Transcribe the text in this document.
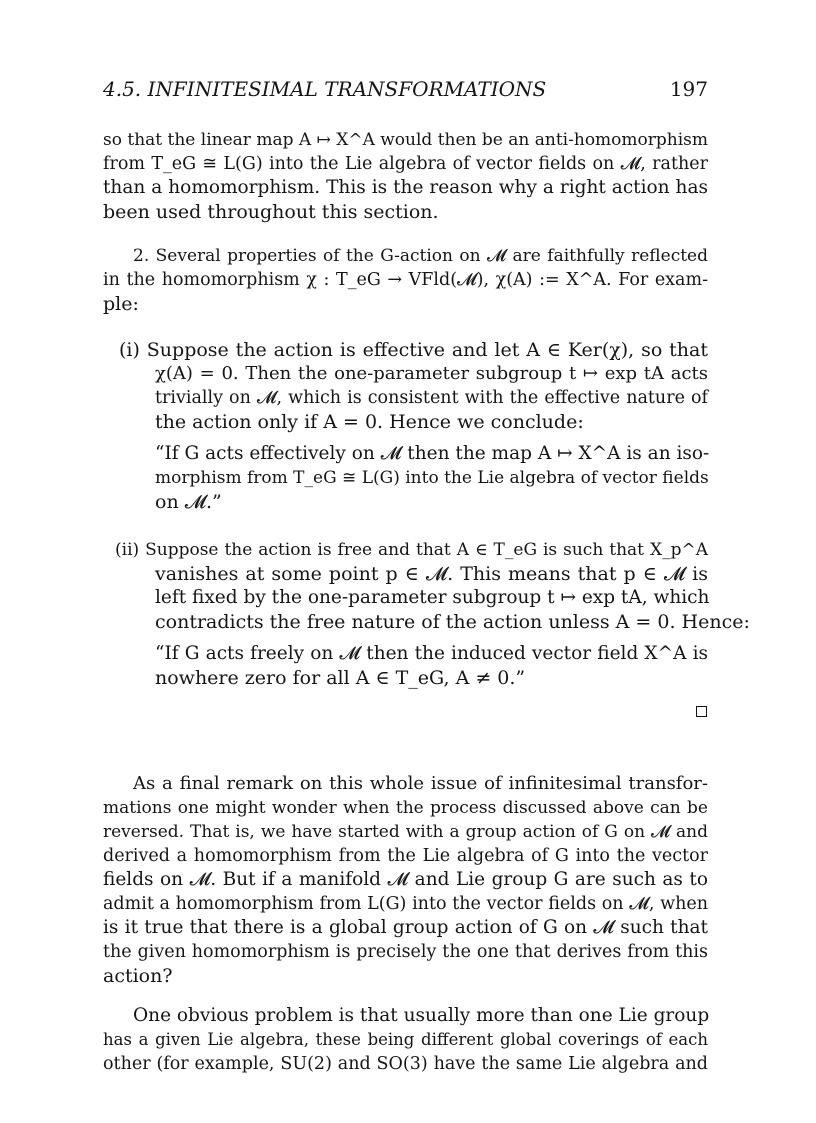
4.5. INFINITESIMAL TRANSFORMATIONS	197
so that the linear map A ↦ X^A would then be an anti-homomorphism
from T_eG ≅ L(G) into the Lie algebra of vector fields on 𝓜, rather
than a homomorphism. This is the reason why a right action has
been used throughout this section.
2. Several properties of the G-action on 𝓜 are faithfully reflected
in the homomorphism χ : T_eG → VFld(𝓜), χ(A) := X^A. For exam-
ple:
(i) Suppose the action is effective and let A ∈ Ker(χ), so that
χ(A) = 0. Then the one-parameter subgroup t ↦ exp tA acts
trivially on 𝓜, which is consistent with the effective nature of
the action only if A = 0. Hence we conclude:
“If G acts effectively on 𝓜 then the map A ↦ X^A is an iso-
morphism from T_eG ≅ L(G) into the Lie algebra of vector fields
on 𝓜.”
(ii) Suppose the action is free and that A ∈ T_eG is such that X_p^A
vanishes at some point p ∈ 𝓜. This means that p ∈ 𝓜 is
left fixed by the one-parameter subgroup t ↦ exp tA, which
contradicts the free nature of the action unless A = 0. Hence:
“If G acts freely on 𝓜 then the induced vector field X^A is
nowhere zero for all A ∈ T_eG, A ≠ 0.”
As a final remark on this whole issue of infinitesimal transfor-
mations one might wonder when the process discussed above can be
reversed. That is, we have started with a group action of G on 𝓜 and
derived a homomorphism from the Lie algebra of G into the vector
fields on 𝓜. But if a manifold 𝓜 and Lie group G are such as to
admit a homomorphism from L(G) into the vector fields on 𝓜, when
is it true that there is a global group action of G on 𝓜 such that
the given homomorphism is precisely the one that derives from this
action?
One obvious problem is that usually more than one Lie group
has a given Lie algebra, these being different global coverings of each
other (for example, SU(2) and SO(3) have the same Lie algebra and
